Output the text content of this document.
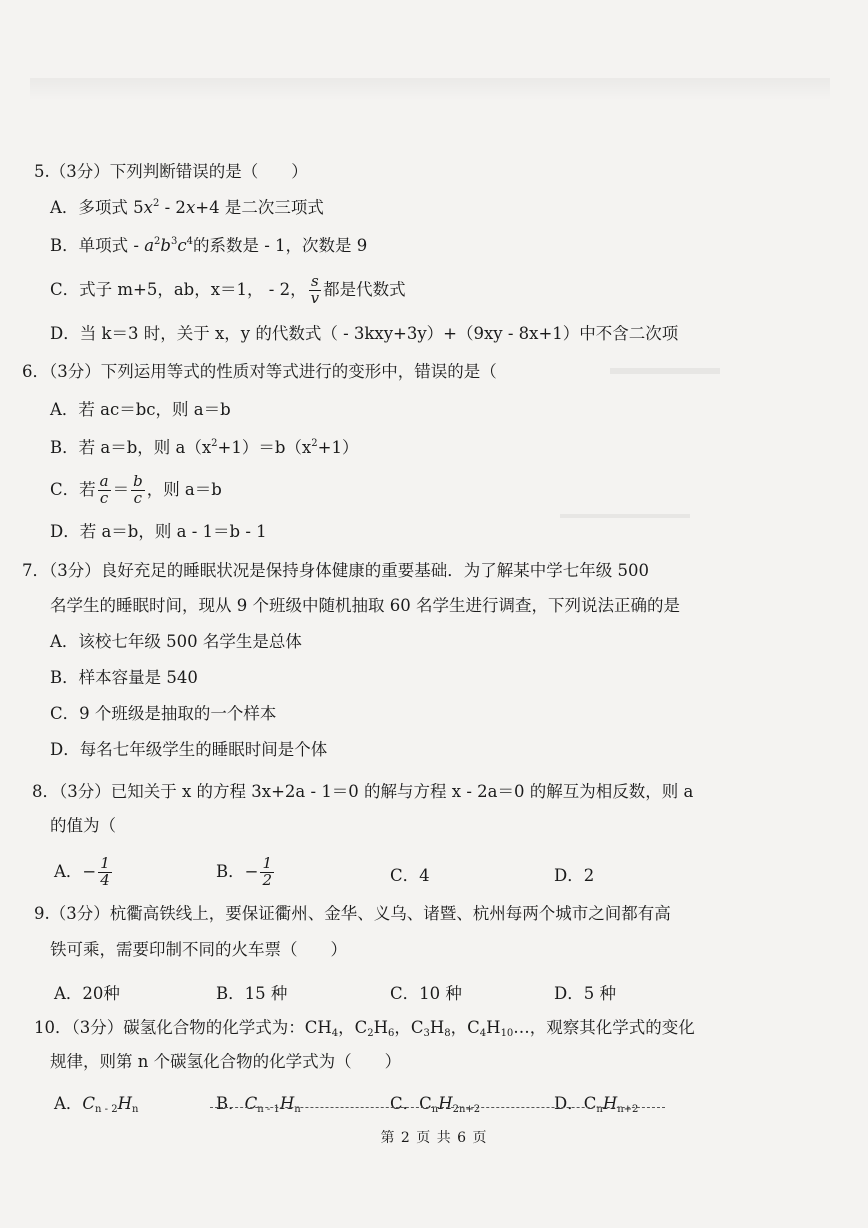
5.（3分）下列判断错误的是（　　）
A．多项式 $5x^2 - 2x+4$ 是二次三项式
B．单项式 - $a^2b^3c^4$的系数是 - 1，次数是 9
C．式子 m+5，ab，x＝1， - 2， $\frac{s}{v}$ 都是代数式
D．当 k＝3 时，关于 x，y 的代数式（ - 3kxy+3y）+（9xy - 8x+1）中不含二次项
6．（3分）下列运用等式的性质对等式进行的变形中，错误的是（
A．若 ac＝bc，则 a＝b
B．若 a＝b，则 $a(x^2+1)=b(x^2+1)$
C．若 $\frac{a}{c} = \frac{b}{c}$ ，则 a＝b
D．若 a＝b，则 a - 1＝b - 1
7．（3分）良好充足的睡眠状况是保持身体健康的重要基础．为了解某中学七年级 500
名学生的睡眠时间，现从 9 个班级中随机抽取 60 名学生进行调查，下列说法正确的是
A．该校七年级 500 名学生是总体
B．样本容量是 540
C．9 个班级是抽取的一个样本
D．每名七年级学生的睡眠时间是个体
8．（3分）已知关于 x 的方程 3x+2a - 1＝0 的解与方程 x - 2a＝0 的解互为相反数，则 a
的值为（
A．− $\frac{1}{4}$	B．− $\frac{1}{2}$	C．4	D．2
9.（3分）杭衢高铁线上，要保证衢州、金华、义乌、诸暨、杭州每两个城市之间都有高
铁可乘，需要印制不同的火车票（　　）
A．20种	B．15 种	C．10 种	D．5 种
10．（3分）碳氢化合物的化学式为：$CH_4$，$C_2H_6$，$C_3H_8$，$C_4H_{10}\dots$，观察其化学式的变化
规律，则第 n 个碳氢化合物的化学式为（　　）
A．$C_{n - 2}H_n$	B．$C_{n - 1}H_n$	C．$C_nH_{2n+2}$	D．$C_nH_{n+2}$
第 2 页 共 6 页
